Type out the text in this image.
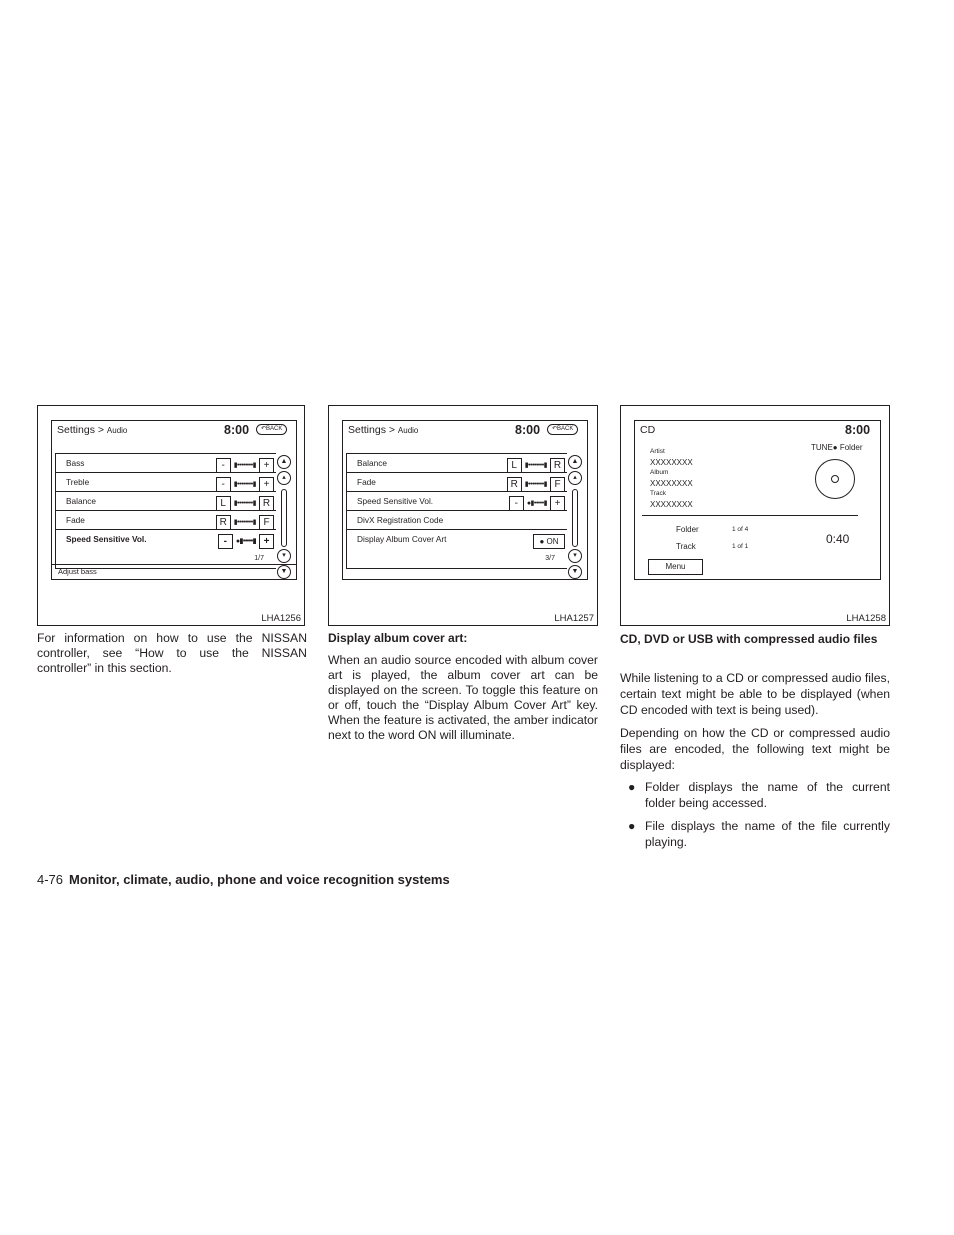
Settings > Audio	8:00	↶BACK
Bass	- ▮••••••••▮ +
Treble	- ▮••••••••▮ +
Balance	L ▮••••••••▮ R
Fade	R ▮••••••••▮ F
Speed Sensitive Vol.	- ●▮•••••▮ +
1/7
▲
▴
▾
▼
Adjust bass
LHA1256
Settings > Audio	8:00	↶BACK
Balance	L ▮••••••••▮ R
Fade	R ▮••••••••▮ F
Speed Sensitive Vol.	- ●▮•••••▮ +
DivX Registration Code
Display Album Cover Art	● ON
3/7
▲
▴
▾
▼
LHA1257
CD	8:00
TUNE● Folder
Artist
XXXXXXXX
Album
XXXXXXXX
Track
XXXXXXXX
Folder	1 of 4
Track	1 of 1
0:40
Menu
LHA1258
For information on how to use the NISSAN controller, see “How to use the NISSAN controller” in this section.
Display album cover art:
When an audio source encoded with album cover art is played, the album cover art can be displayed on the screen. To toggle this feature on or off, touch the “Display Album Cover Art” key. When the feature is activated, the amber indicator next to the word ON will illuminate.
CD, DVD or USB with compressed audio files
While listening to a CD or compressed audio files, certain text might be able to be displayed (when CD encoded with text is being used).
Depending on how the CD or compressed audio files are encoded, the following text might be displayed:
● Folder displays the name of the current folder being accessed.
● File displays the name of the file currently playing.
4-76 Monitor, climate, audio, phone and voice recognition systems
